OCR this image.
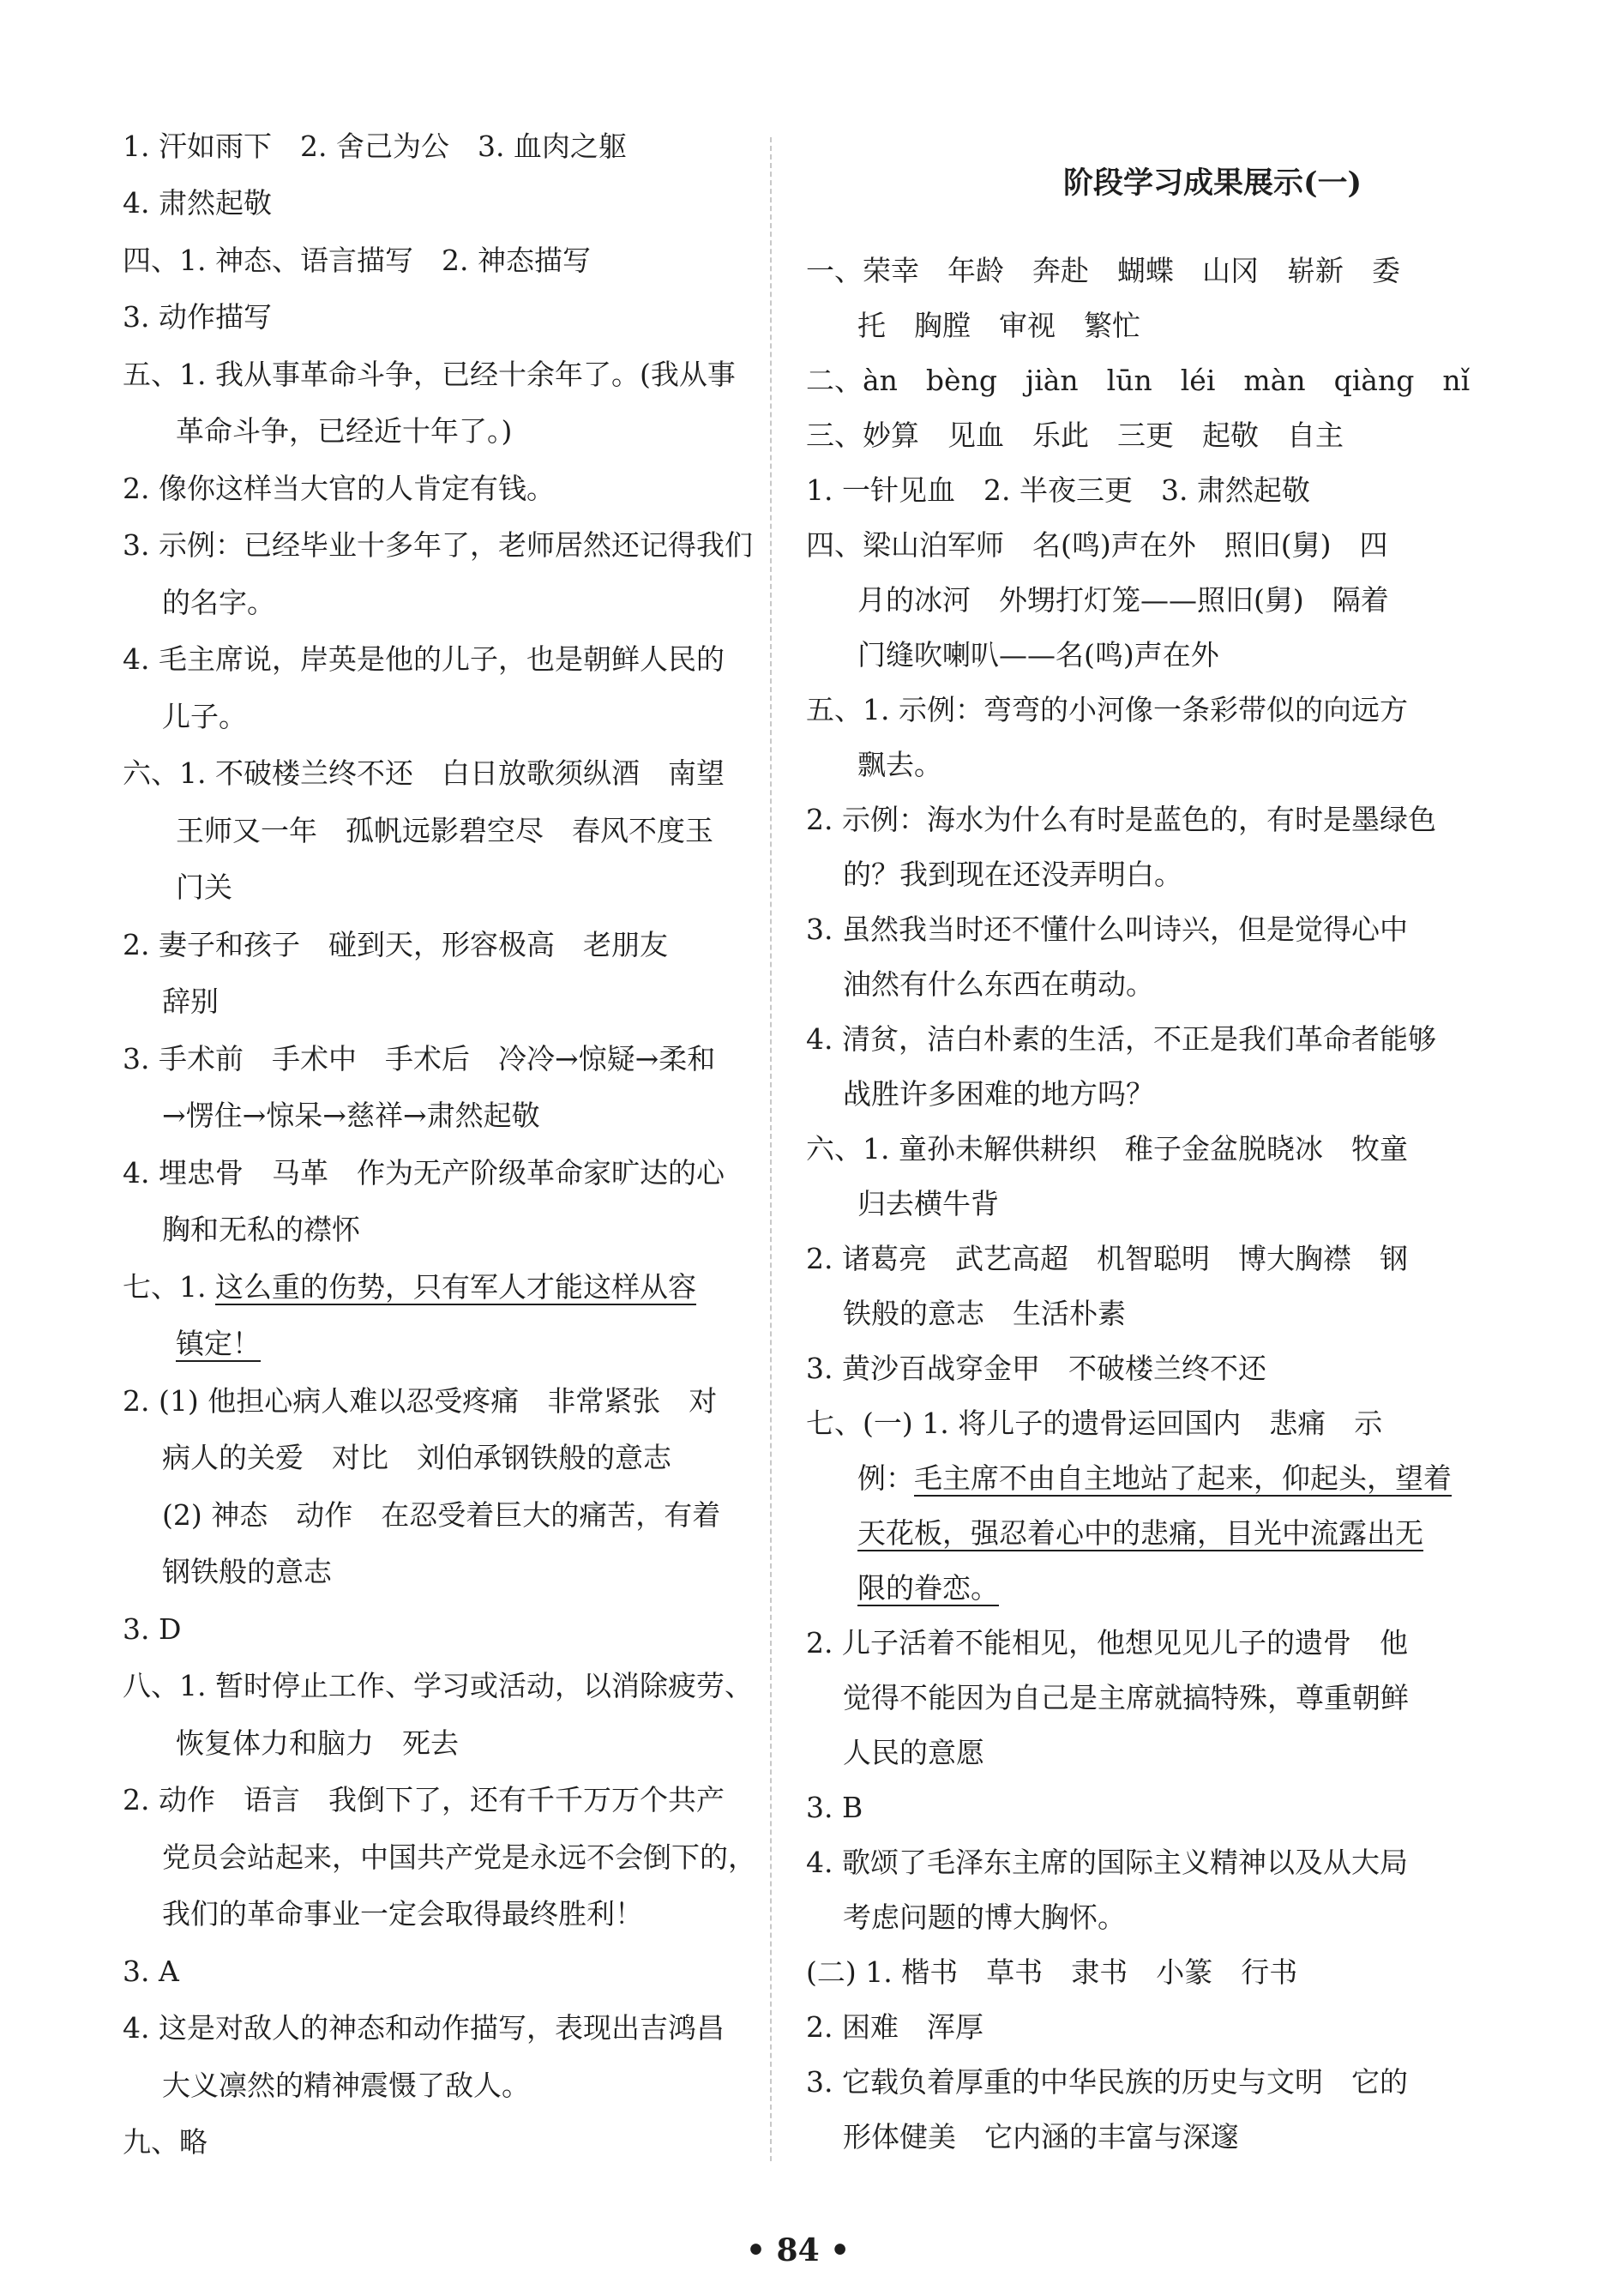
1. 汗如雨下　2. 舍己为公　3. 血肉之躯
4. 肃然起敬
四、1. 神态、语言描写　2. 神态描写
3. 动作描写
五、1. 我从事革命斗争，已经十余年了。(我从事
革命斗争，已经近十年了。)
2. 像你这样当大官的人肯定有钱。
3. 示例：已经毕业十多年了，老师居然还记得我们
的名字。
4. 毛主席说，岸英是他的儿子，也是朝鲜人民的
儿子。
六、1. 不破楼兰终不还　白日放歌须纵酒　南望
王师又一年　孤帆远影碧空尽　春风不度玉
门关
2. 妻子和孩子　碰到天，形容极高　老朋友
辞别
3. 手术前　手术中　手术后　冷冷→惊疑→柔和
→愣住→惊呆→慈祥→肃然起敬
4. 埋忠骨　马革　作为无产阶级革命家旷达的心
胸和无私的襟怀
七、1. 这么重的伤势，只有军人才能这样从容
镇定！
2. (1) 他担心病人难以忍受疼痛　非常紧张　对
病人的关爱　对比　刘伯承钢铁般的意志
(2) 神态　动作　在忍受着巨大的痛苦，有着
钢铁般的意志
3. D
八、1. 暂时停止工作、学习或活动，以消除疲劳、
恢复体力和脑力　死去
2. 动作　语言　我倒下了，还有千千万万个共产
党员会站起来，中国共产党是永远不会倒下的，
我们的革命事业一定会取得最终胜利！
3. A
4. 这是对敌人的神态和动作描写，表现出吉鸿昌
大义凛然的精神震慑了敌人。
九、略
阶段学习成果展示(一)
一、荣幸　年龄　奔赴　蝴蝶　山冈　崭新　委
托　胸膛　审视　繁忙
二、àn　bèng　jiàn　lūn　léi　màn　qiàng　nǐ
三、妙算　见血　乐此　三更　起敬　自主
1. 一针见血　2. 半夜三更　3. 肃然起敬
四、梁山泊军师　名(鸣)声在外　照旧(舅)　四
月的冰河　外甥打灯笼——照旧(舅)　隔着
门缝吹喇叭——名(鸣)声在外
五、1. 示例：弯弯的小河像一条彩带似的向远方
飘去。
2. 示例：海水为什么有时是蓝色的，有时是墨绿色
的？我到现在还没弄明白。
3. 虽然我当时还不懂什么叫诗兴，但是觉得心中
油然有什么东西在萌动。
4. 清贫，洁白朴素的生活，不正是我们革命者能够
战胜许多困难的地方吗？
六、1. 童孙未解供耕织　稚子金盆脱晓冰　牧童
归去横牛背
2. 诸葛亮　武艺高超　机智聪明　博大胸襟　钢
铁般的意志　生活朴素
3. 黄沙百战穿金甲　不破楼兰终不还
七、(一) 1. 将儿子的遗骨运回国内　悲痛　示
例：毛主席不由自主地站了起来，仰起头，望着
天花板，强忍着心中的悲痛，目光中流露出无
限的眷恋。
2. 儿子活着不能相见，他想见见儿子的遗骨　他
觉得不能因为自己是主席就搞特殊，尊重朝鲜
人民的意愿
3. B
4. 歌颂了毛泽东主席的国际主义精神以及从大局
考虑问题的博大胸怀。
(二) 1. 楷书　草书　隶书　小篆　行书
2. 困难　浑厚
3. 它载负着厚重的中华民族的历史与文明　它的
形体健美　它内涵的丰富与深邃
• 84 •
